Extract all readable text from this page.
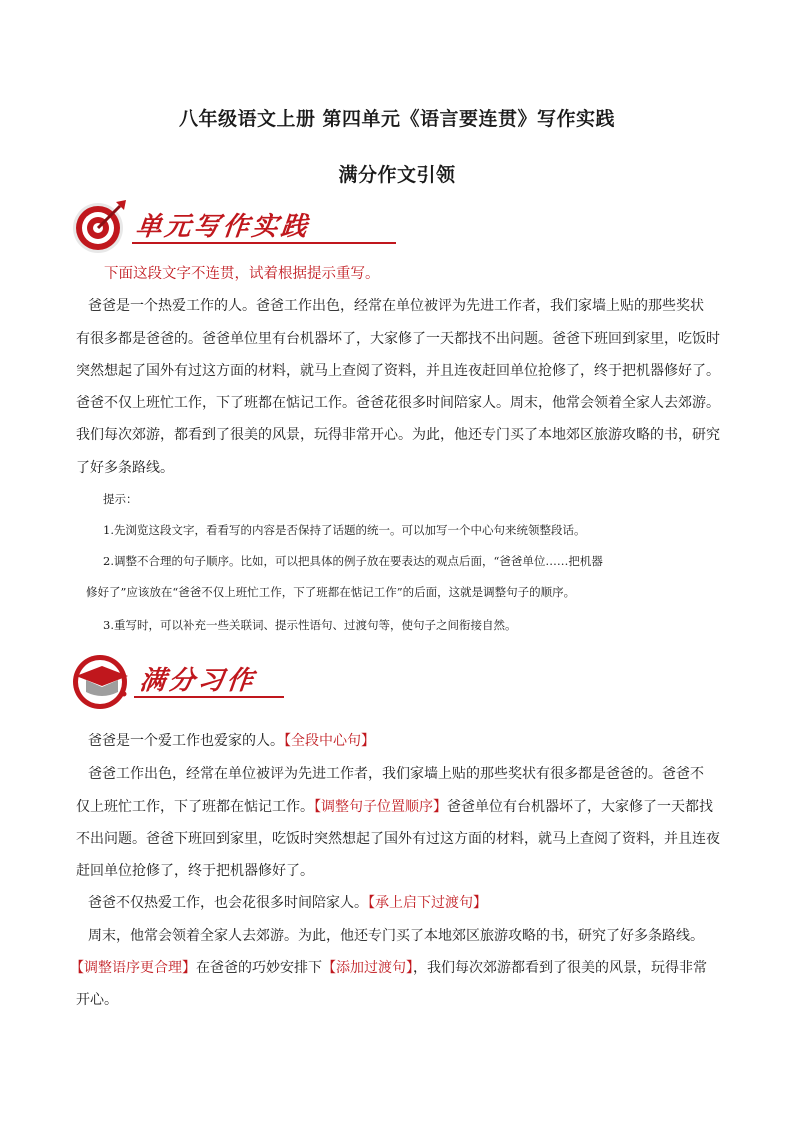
八年级语文上册 第四单元《语言要连贯》写作实践
满分作文引领
单元写作实践
下面这段文字不连贯，试着根据提示重写。
爸爸是一个热爱工作的人。爸爸工作出色，经常在单位被评为先进工作者，我们家墙上贴的那些奖状
有很多都是爸爸的。爸爸单位里有台机器坏了，大家修了一天都找不出问题。爸爸下班回到家里，吃饭时
突然想起了国外有过这方面的材料，就马上查阅了资料，并且连夜赶回单位抢修了，终于把机器修好了。
爸爸不仅上班忙工作，下了班都在惦记工作。爸爸花很多时间陪家人。周末，他常会领着全家人去郊游。
我们每次郊游，都看到了很美的风景，玩得非常开心。为此，他还专门买了本地郊区旅游攻略的书，研究
了好多条路线。
提示：
1.先浏览这段文字，看看写的内容是否保持了话题的统一。可以加写一个中心句来统领整段话。
2.调整不合理的句子顺序。比如，可以把具体的例子放在要表达的观点后面，“爸爸单位……把机器
修好了”应该放在“爸爸不仅上班忙工作，下了班都在惦记工作”的后面，这就是调整句子的顺序。
3.重写时，可以补充一些关联词、提示性语句、过渡句等，使句子之间衔接自然。
满分习作
爸爸是一个爱工作也爱家的人。【全段中心句】
爸爸工作出色，经常在单位被评为先进工作者，我们家墙上贴的那些奖状有很多都是爸爸的。爸爸不
仅上班忙工作，下了班都在惦记工作。【调整句子位置顺序】爸爸单位有台机器坏了，大家修了一天都找
不出问题。爸爸下班回到家里，吃饭时突然想起了国外有过这方面的材料，就马上查阅了资料，并且连夜
赶回单位抢修了，终于把机器修好了。
爸爸不仅热爱工作，也会花很多时间陪家人。【承上启下过渡句】
周末，他常会领着全家人去郊游。为此，他还专门买了本地郊区旅游攻略的书，研究了好多条路线。
【调整语序更合理】在爸爸的巧妙安排下【添加过渡句】，我们每次郊游都看到了很美的风景，玩得非常
开心。
